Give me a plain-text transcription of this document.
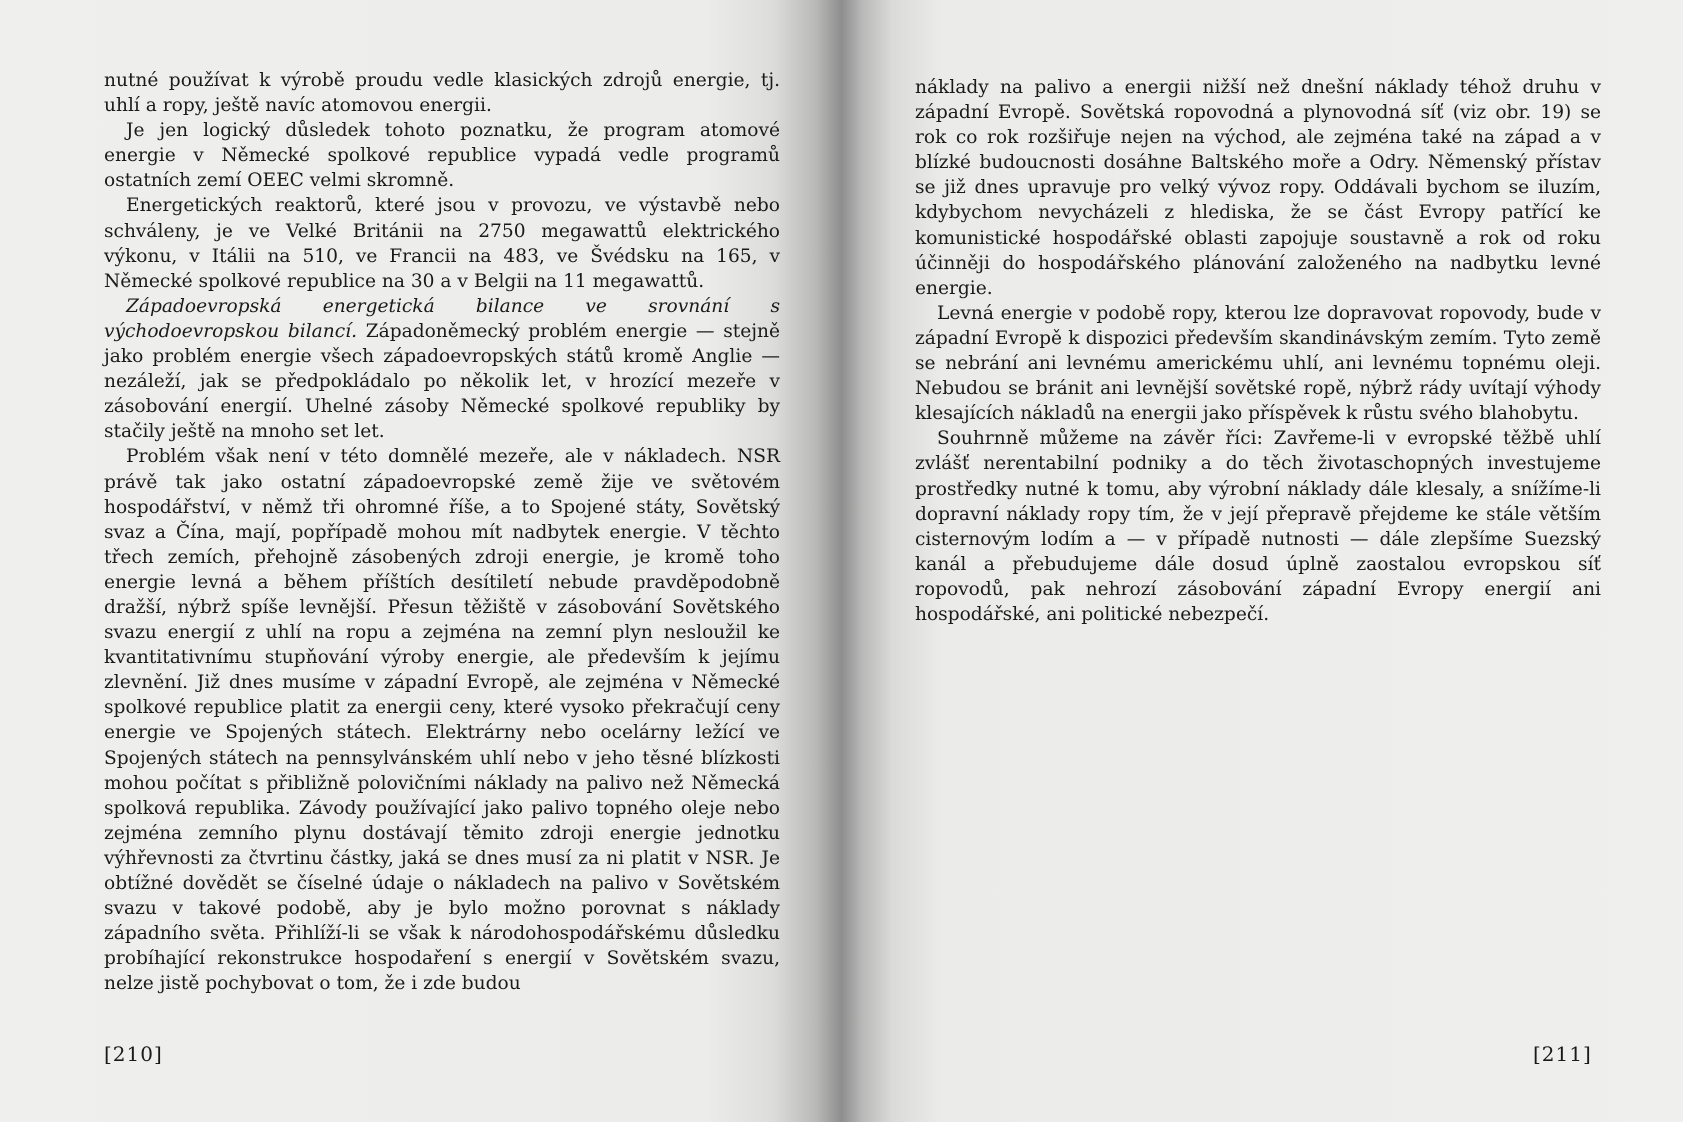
nutné používat k výrobě proudu vedle klasických zdrojů energie, tj. uhlí a ropy, ještě navíc atomovou energii.

Je jen logický důsledek tohoto poznatku, že program atomové energie v Německé spolkové republice vypadá vedle programů ostatních zemí OEEC velmi skromně.

Energetických reaktorů, které jsou v provozu, ve výstavbě nebo schváleny, je ve Velké Británii na 2750 megawattů elektrického výkonu, v Itálii na 510, ve Francii na 483, ve Švédsku na 165, v Německé spolkové republice na 30 a v Belgii na 11 megawattů.

Západoevropská energetická bilance ve srovnání s východoevropskou bilancí. Západoněmecký problém energie — stejně jako problém energie všech západoevropských států kromě Anglie — nezáleží, jak se předpokládalo po několik let, v hrozící mezeře v zásobování energií. Uhelné zásoby Německé spolkové republiky by stačily ještě na mnoho set let.

Problém však není v této domnělé mezeře, ale v nákladech. NSR právě tak jako ostatní západoevropské země žije ve světovém hospodářství, v němž tři ohromné říše, a to Spojené státy, Sovětský svaz a Čína, mají, popřípadě mohou mít nadbytek energie. V těchto třech zemích, přehojně zásobených zdroji energie, je kromě toho energie levná a během příštích desítiletí nebude pravděpodobně dražší, nýbrž spíše levnější. Přesun těžiště v zásobování Sovětského svazu energií z uhlí na ropu a zejména na zemní plyn nesloužil ke kvantitativnímu stupňování výroby energie, ale především k jejímu zlevnění. Již dnes musíme v západní Evropě, ale zejména v Německé spolkové republice platit za energii ceny, které vysoko překračují ceny energie ve Spojených státech. Elektrárny nebo ocelárny ležící ve Spojených státech na pennsylvánském uhlí nebo v jeho těsné blízkosti mohou počítat s přibližně polovičními náklady na palivo než Německá spolková republika. Závody používající jako palivo topného oleje nebo zejména zemního plynu dostávají těmito zdroji energie jednotku výhřevnosti za čtvrtinu částky, jaká se dnes musí za ni platit v NSR. Je obtížné dovědět se číselné údaje o nákladech na palivo v Sovětském svazu v takové podobě, aby je bylo možno porovnat s náklady západního světa. Přihlíží-li se však k národohospodářskému důsledku probíhající rekonstrukce hospodaření s energií v Sovětském svazu, nelze jistě pochybovat o tom, že i zde budou

[210]

náklady na palivo a energii nižší než dnešní náklady téhož druhu v západní Evropě. Sovětská ropovodná a plynovodná síť (viz obr. 19) se rok co rok rozšiřuje nejen na východ, ale zejména také na západ a v blízké budoucnosti dosáhne Baltského moře a Odry. Němenský přístav se již dnes upravuje pro velký vývoz ropy. Oddávali bychom se iluzím, kdybychom nevycházeli z hlediska, že se část Evropy patřící ke komunistické hospodářské oblasti zapojuje soustavně a rok od roku účinněji do hospodářského plánování založeného na nadbytku levné energie.

Levná energie v podobě ropy, kterou lze dopravovat ropovody, bude v západní Evropě k dispozici především skandinávským zemím. Tyto země se nebrání ani levnému americkému uhlí, ani levnému topnému oleji. Nebudou se bránit ani levnější sovětské ropě, nýbrž rády uvítají výhody klesajících nákladů na energii jako příspěvek k růstu svého blahobytu.

Souhrnně můžeme na závěr říci: Zavřeme-li v evropské těžbě uhlí zvlášť nerentabilní podniky a do těch životaschopných investujeme prostředky nutné k tomu, aby výrobní náklady dále klesaly, a snížíme-li dopravní náklady ropy tím, že v její přepravě přejdeme ke stále větším cisternovým lodím a — v případě nutnosti — dále zlepšíme Suezský kanál a přebudujeme dále dosud úplně zaostalou evropskou síť ropovodů, pak nehrozí zásobování západní Evropy energií ani hospodářské, ani politické nebezpečí.

[211]
